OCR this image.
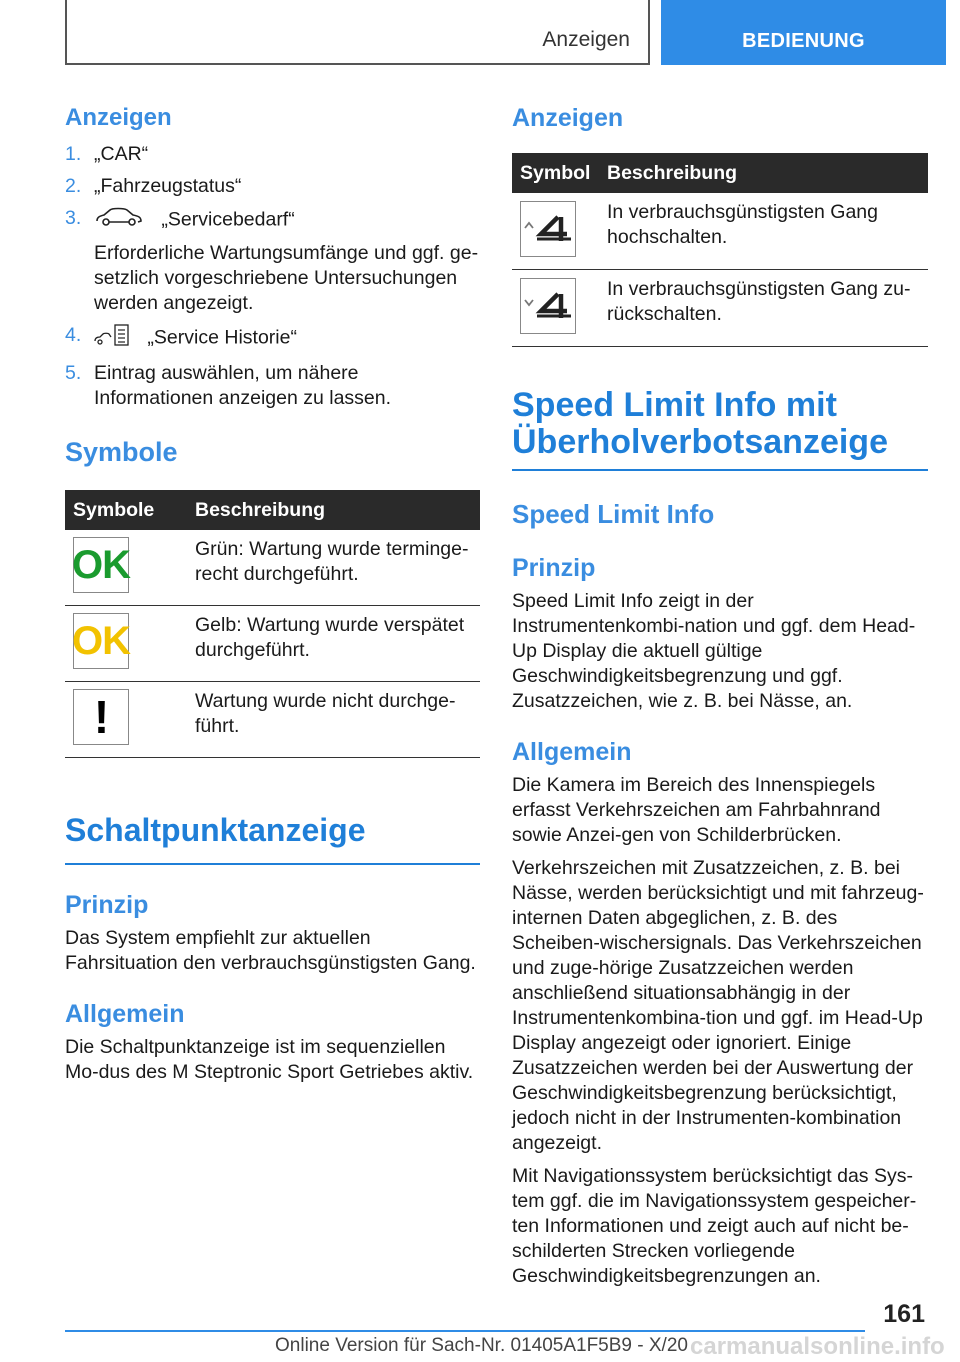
Anzeigen	BEDIENUNG
Anzeigen
1. „CAR“
2. „Fahrzeugstatus“
3.	„Servicebedarf“
Erforderliche Wartungsumfänge und ggf. ge-setzlich vorgeschriebene Untersuchungen werden angezeigt.
4.	„Service Historie“
5. Eintrag auswählen, um nähere Informationen anzeigen zu lassen.
Symbole
Symbole	Beschreibung

OK	Grün: Wartung wurde terminge-recht durchgeführt.

OK	Gelb: Wartung wurde verspätet durchgeführt.

!	Wartung wurde nicht durchge-führt.
Schaltpunktanzeige
Prinzip

Das System empfiehlt zur aktuellen Fahrsituation den verbrauchsgünstigsten Gang.

Allgemein

Die Schaltpunktanzeige ist im sequenziellen Mo-dus des M Steptronic Sport Getriebes aktiv.

Anzeigen
Symbol	Beschreibung

	In verbrauchsgünstigsten Gang hochschalten.

	In verbrauchsgünstigsten Gang zu-rückschalten.
Speed Limit Info mit Überholverbotsanzeige
Speed Limit Info
Prinzip

Speed Limit Info zeigt in der Instrumentenkombi-nation und ggf. dem Head-Up Display die aktuell gültige Geschwindigkeitsbegrenzung und ggf. Zusatzzeichen, wie z. B. bei Nässe, an.

Allgemein

Die Kamera im Bereich des Innenspiegels erfasst Verkehrszeichen am Fahrbahnrand sowie Anzei-gen von Schilderbrücken.

Verkehrszeichen mit Zusatzzeichen, z. B. bei Nässe, werden berücksichtigt und mit fahrzeug-internen Daten abgeglichen, z. B. des Scheiben-wischersignals. Das Verkehrszeichen und zuge-hörige Zusatzzeichen werden anschließend situationsabhängig in der Instrumentenkombina-tion und ggf. im Head-Up Display angezeigt oder ignoriert. Einige Zusatzzeichen werden bei der Auswertung der Geschwindigkeitsbegrenzung berücksichtigt, jedoch nicht in der Instrumenten-kombination angezeigt.

Mit Navigationssystem berücksichtigt das Sys-tem ggf. die im Navigationssystem gespeicher-ten Informationen und zeigt auch auf nicht be-schilderten Strecken vorliegende Geschwindigkeitsbegrenzungen an.

161
Online Version für Sach-Nr. 01405A1F5B9 - X/20 carmanualsonline.info
